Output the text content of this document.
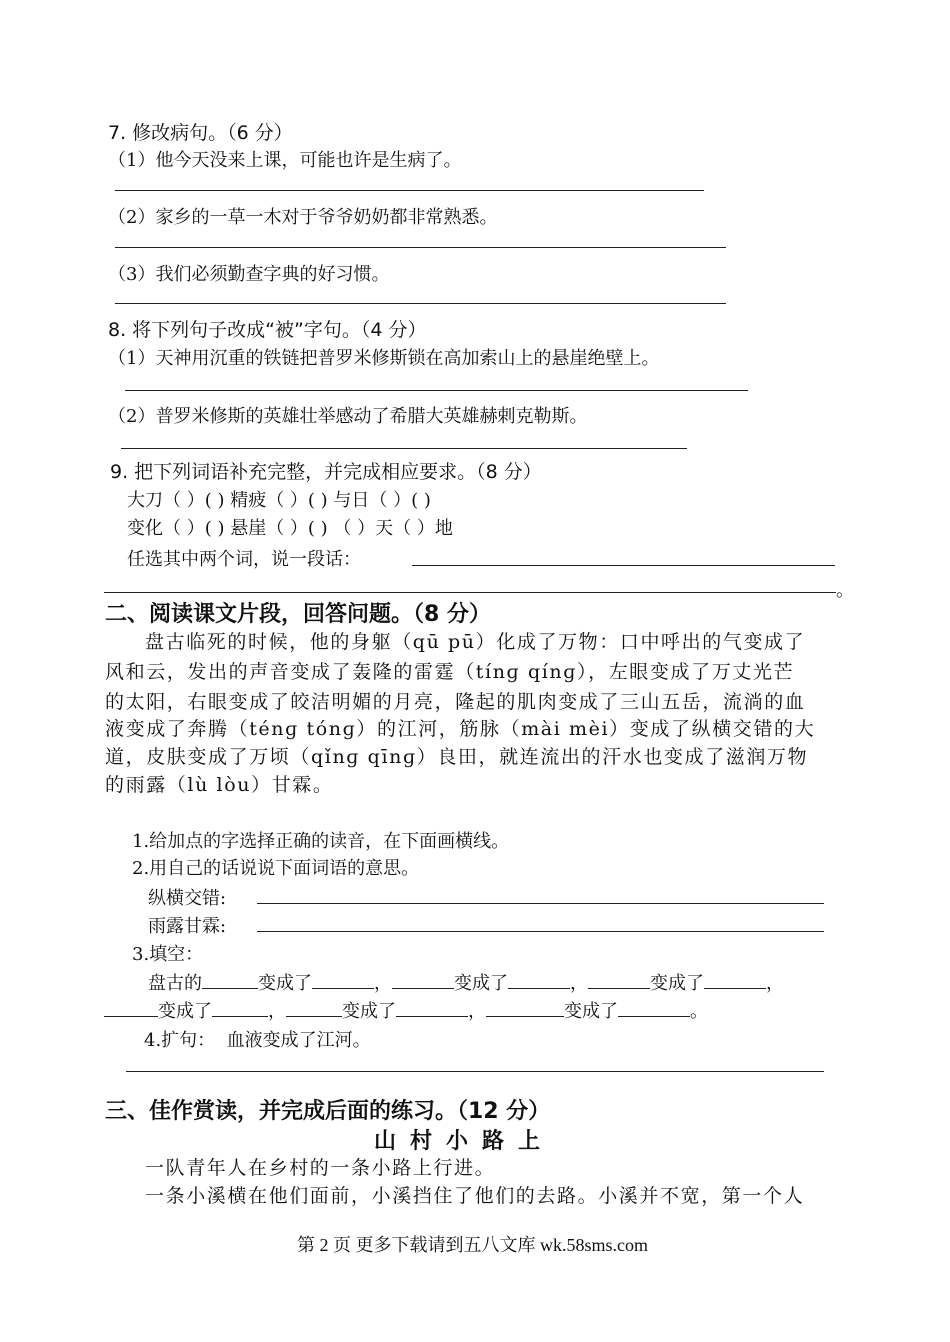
7. 修改病句。（6 分）
（1）他今天没来上课，可能也许是生病了。
（2）家乡的一草一木对于爷爷奶奶都非常熟悉。
（3）我们必须勤查字典的好习惯。
8. 将下列句子改成“被”字句。（4 分）
（1）天神用沉重的铁链把普罗米修斯锁在高加索山上的悬崖绝壁上。
（2）普罗米修斯的英雄壮举感动了希腊大英雄赫剌克勒斯。
9. 把下列词语补充完整，并完成相应要求。（8 分）
大刀（ ）( ) 精疲（ ）( ) 与日（ ）( )
变化（ ）( ) 悬崖（ ）( ) （ ）天（ ）地
任选其中两个词，说一段话：
。
二、阅读课文片段，回答问题。（8 分）
盘古临死的时候，他的身躯（qū pū）化成了万物：口中呼出的气变成了
风和云，发出的声音变成了轰隆的雷霆（tínɡ qínɡ），左眼变成了万丈光芒
的太阳，右眼变成了皎洁明媚的月亮，隆起的肌肉变成了三山五岳，流淌的血
液变成了奔腾（ténɡ tónɡ）的江河，筋脉（mài mèi）变成了纵横交错的大
道，皮肤变成了万顷（qǐnɡ qīnɡ）良田，就连流出的汗水也变成了滋润万物
的雨露（lù lòu）甘霖。
1.给加点的字选择正确的读音，在下面画横线。
2.用自己的话说说下面词语的意思。
纵横交错:
雨露甘霖:
3.填空：
盘古的	变成了	，	变成了	，	变成了	，
变成了	，	变成了	，	变成了	。
4.扩句： 血液变成了江河。
三、佳作赏读，并完成后面的练习。（12 分）
山村小路上
一队青年人在乡村的一条小路上行进。
一条小溪横在他们面前，小溪挡住了他们的去路。小溪并不宽，第一个人
第 2 页 更多下载请到五八文库 wk.58sms.com
